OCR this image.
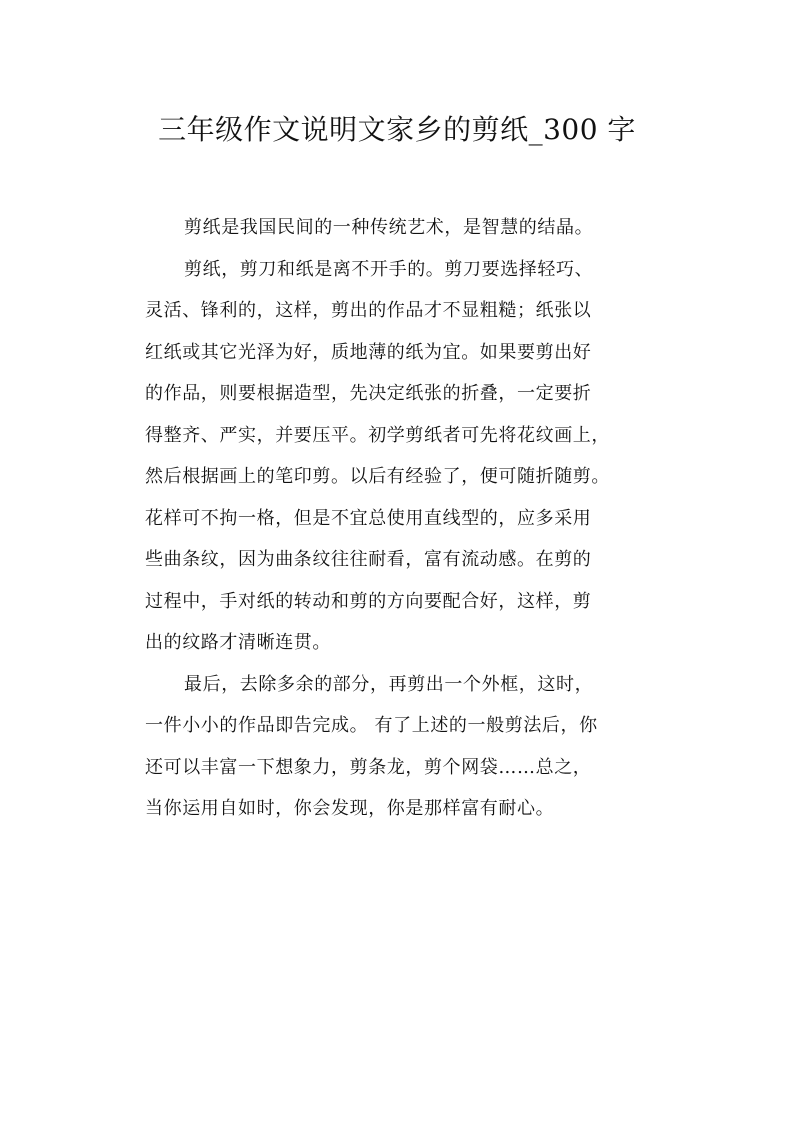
三年级作文说明文家乡的剪纸_300 字
剪纸是我国民间的一种传统艺术，是智慧的结晶。
剪纸，剪刀和纸是离不开手的。剪刀要选择轻巧、
灵活、锋利的，这样，剪出的作品才不显粗糙；纸张以
红纸或其它光泽为好，质地薄的纸为宜。如果要剪出好
的作品，则要根据造型，先决定纸张的折叠，一定要折
得整齐、严实，并要压平。初学剪纸者可先将花纹画上，
然后根据画上的笔印剪。以后有经验了，便可随折随剪。
花样可不拘一格，但是不宜总使用直线型的，应多采用
些曲条纹，因为曲条纹往往耐看，富有流动感。在剪的
过程中，手对纸的转动和剪的方向要配合好，这样，剪
出的纹路才清晰连贯。
最后，去除多余的部分，再剪出一个外框，这时，
一件小小的作品即告完成。 有了上述的一般剪法后，你
还可以丰富一下想象力，剪条龙，剪个网袋……总之，
当你运用自如时，你会发现，你是那样富有耐心。
